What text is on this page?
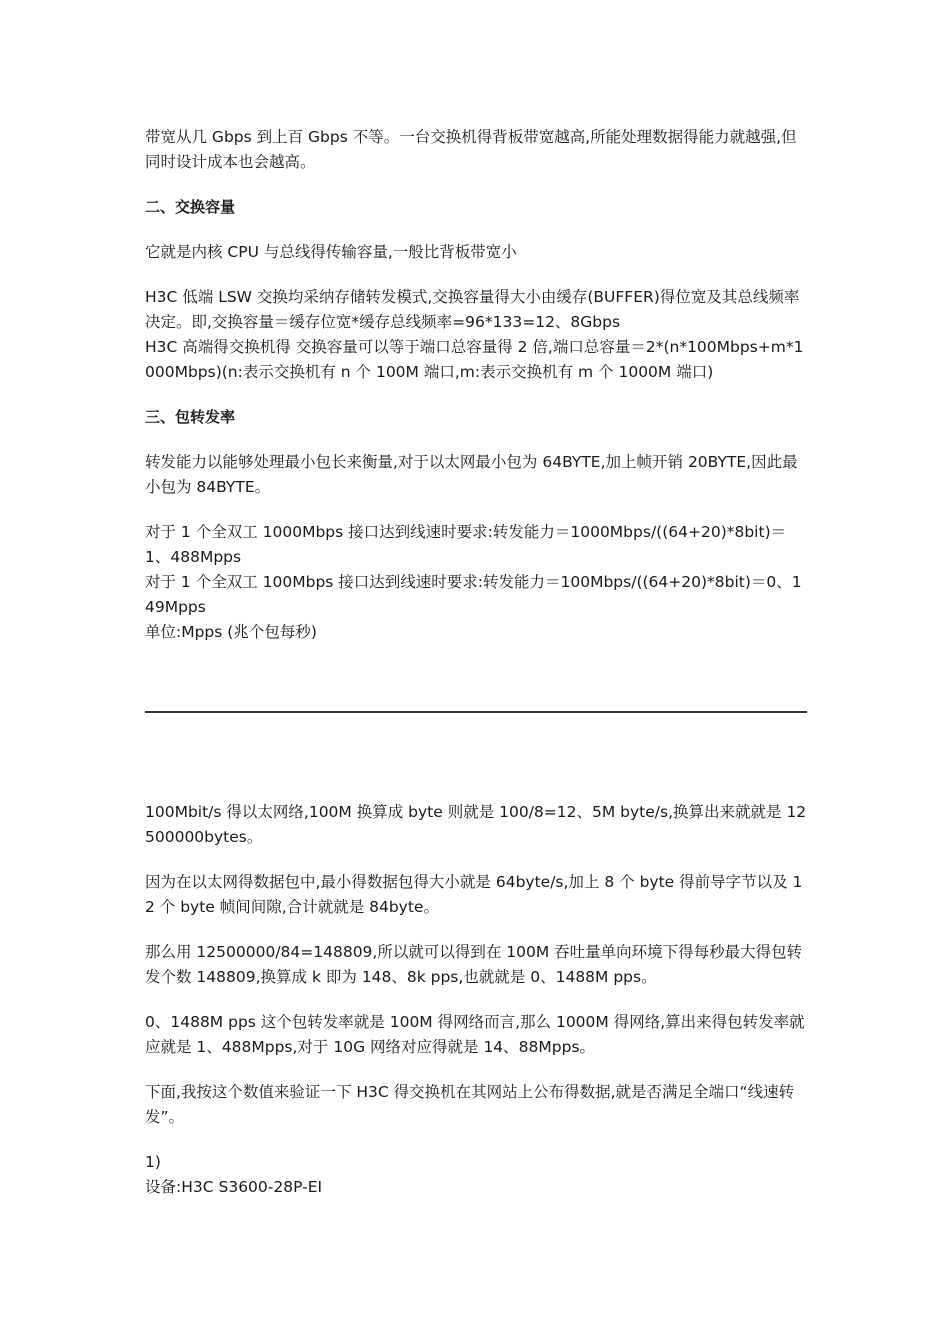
带宽从几 Gbps 到上百 Gbps 不等。一台交换机得背板带宽越高,所能处理数据得能力就越强,但同时设计成本也会越高。

二、交换容量

它就是内核 CPU 与总线得传输容量,一般比背板带宽小

H3C 低端 LSW 交换均采纳存储转发模式,交换容量得大小由缓存(BUFFER)得位宽及其总线频率决定。即,交换容量＝缓存位宽*缓存总线频率=96*133=12、8Gbps

H3C 高端得交换机得 交换容量可以等于端口总容量得 2 倍,端口总容量＝2*(n*100Mbps+m*1000Mbps)(n:表示交换机有 n 个 100M 端口,m:表示交换机有 m 个 1000M 端口)

三、包转发率

转发能力以能够处理最小包长来衡量,对于以太网最小包为 64BYTE,加上帧开销 20BYTE,因此最小包为 84BYTE。

对于 1 个全双工 1000Mbps 接口达到线速时要求:转发能力＝1000Mbps/((64+20)*8bit)＝1、488Mpps

对于 1 个全双工 100Mbps 接口达到线速时要求:转发能力＝100Mbps/((64+20)*8bit)＝0、149Mpps

单位:Mpps (兆个包每秒)

100Mbit/s 得以太网络,100M 换算成 byte 则就是 100/8=12、5M byte/s,换算出来就就是 12500000bytes。

因为在以太网得数据包中,最小得数据包得大小就是 64byte/s,加上 8 个 byte 得前导字节以及 12 个 byte 帧间间隙,合计就就是 84byte。

那么用 12500000/84=148809,所以就可以得到在 100M 吞吐量单向环境下得每秒最大得包转发个数 148809,换算成 k 即为 148、8k pps,也就就是 0、1488M pps。

0、1488M pps 这个包转发率就是 100M 得网络而言,那么 1000M 得网络,算出来得包转发率就应就是 1、488Mpps,对于 10G 网络对应得就是 14、88Mpps。

下面,我按这个数值来验证一下 H3C 得交换机在其网站上公布得数据,就是否满足全端口“线速转发”。

1)

设备:H3C S3600-28P-EI
